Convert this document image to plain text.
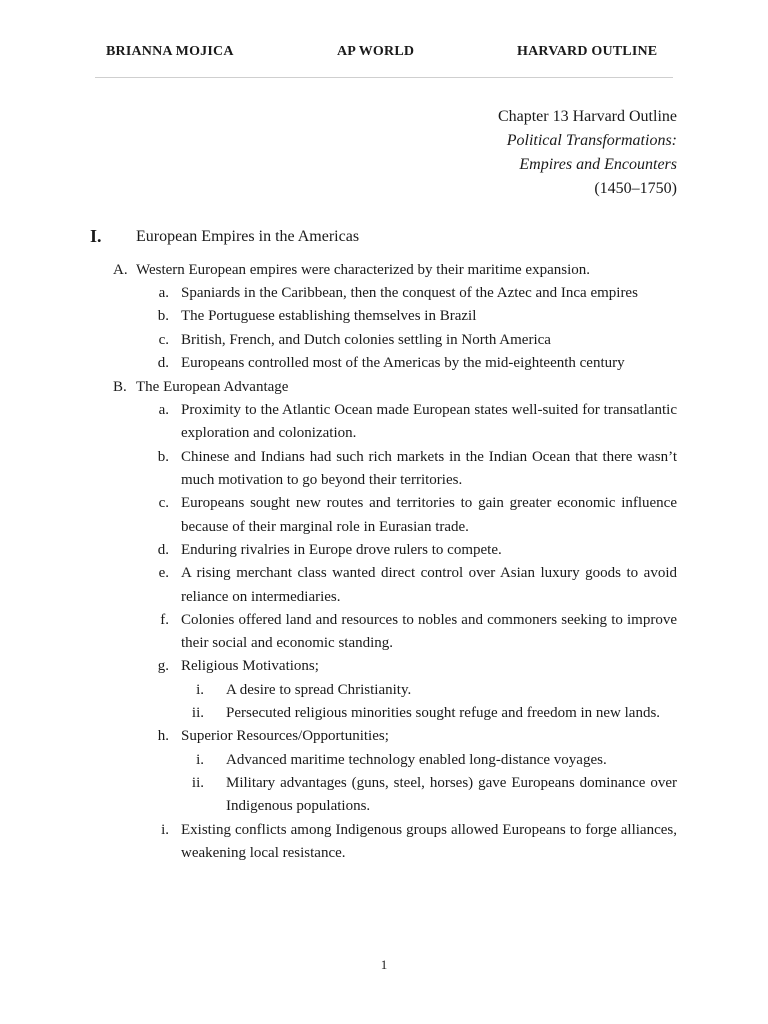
BRIANNA MOJICA	AP WORLD	HARVARD OUTLINE
Chapter 13 Harvard Outline
Political Transformations:
Empires and Encounters
(1450–1750)
I. European Empires in the Americas
A. Western European empires were characterized by their maritime expansion.
a. Spaniards in the Caribbean, then the conquest of the Aztec and Inca empires
b. The Portuguese establishing themselves in Brazil
c. British, French, and Dutch colonies settling in North America
d. Europeans controlled most of the Americas by the mid-eighteenth century
B. The European Advantage
a. Proximity to the Atlantic Ocean made European states well-suited for transatlantic exploration and colonization.
b. Chinese and Indians had such rich markets in the Indian Ocean that there wasn’t much motivation to go beyond their territories.
c. Europeans sought new routes and territories to gain greater economic influence because of their marginal role in Eurasian trade.
d. Enduring rivalries in Europe drove rulers to compete.
e. A rising merchant class wanted direct control over Asian luxury goods to avoid reliance on intermediaries.
f. Colonies offered land and resources to nobles and commoners seeking to improve their social and economic standing.
g. Religious Motivations;
i. A desire to spread Christianity.
ii. Persecuted religious minorities sought refuge and freedom in new lands.
h. Superior Resources/Opportunities;
i. Advanced maritime technology enabled long-distance voyages.
ii. Military advantages (guns, steel, horses) gave Europeans dominance over Indigenous populations.
i. Existing conflicts among Indigenous groups allowed Europeans to forge alliances, weakening local resistance.
1
